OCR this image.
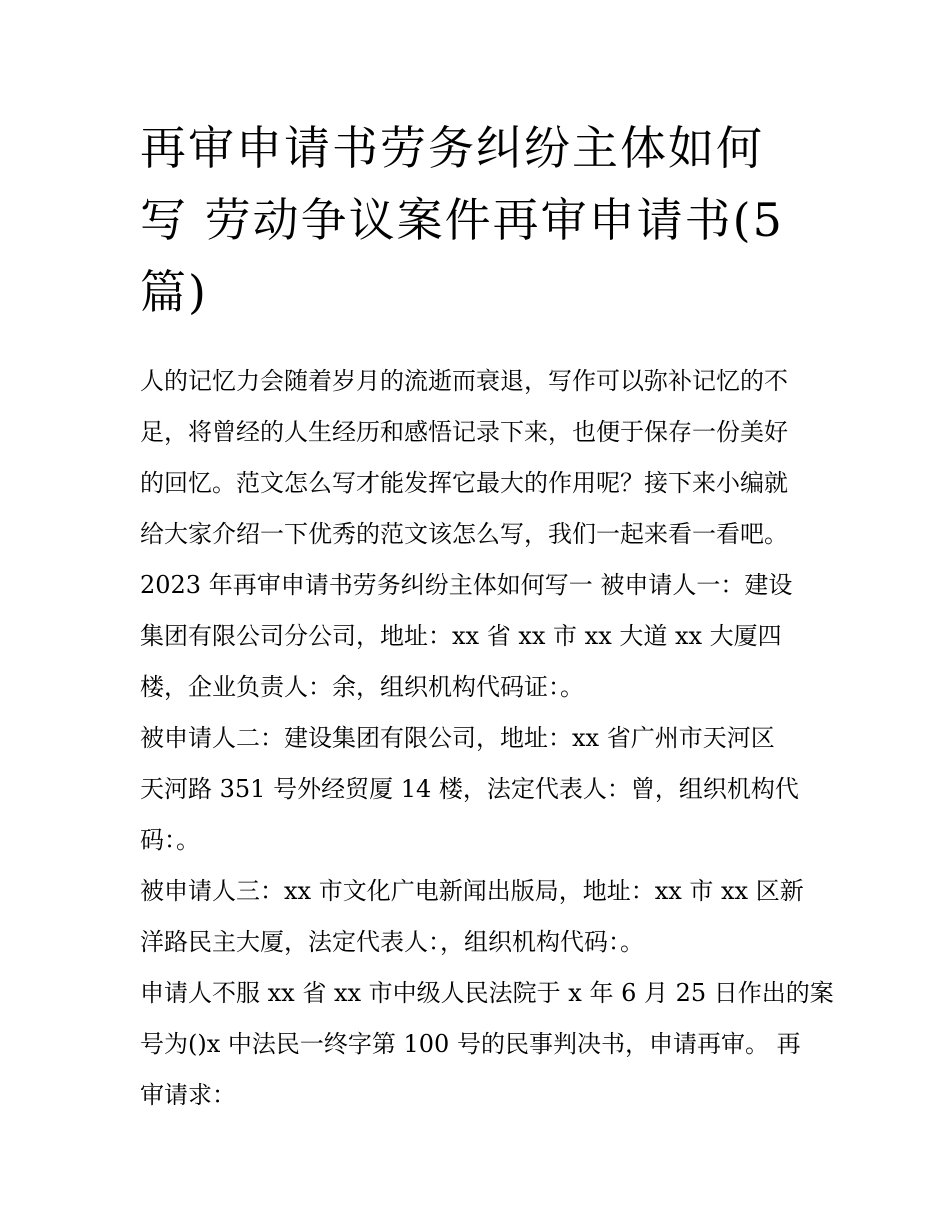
再审申请书劳务纠纷主体如何
写 劳动争议案件再审申请书(5
篇)
人的记忆力会随着岁月的流逝而衰退，写作可以弥补记忆的不
足，将曾经的人生经历和感悟记录下来，也便于保存一份美好
的回忆。范文怎么写才能发挥它最大的作用呢？接下来小编就
给大家介绍一下优秀的范文该怎么写，我们一起来看一看吧。
2023 年再审申请书劳务纠纷主体如何写一 被申请人一：建设
集团有限公司分公司，地址：xx 省 xx 市 xx 大道 xx 大厦四
楼，企业负责人：余，组织机构代码证：。
被申请人二：建设集团有限公司，地址：xx 省广州市天河区
天河路 351 号外经贸厦 14 楼，法定代表人：曾，组织机构代
码：。
被申请人三：xx 市文化广电新闻出版局，地址：xx 市 xx 区新
洋路民主大厦，法定代表人：，组织机构代码：。
申请人不服 xx 省 xx 市中级人民法院于 x 年 6 月 25 日作出的案
号为()x 中法民一终字第 100 号的民事判决书，申请再审。 再
审请求：
